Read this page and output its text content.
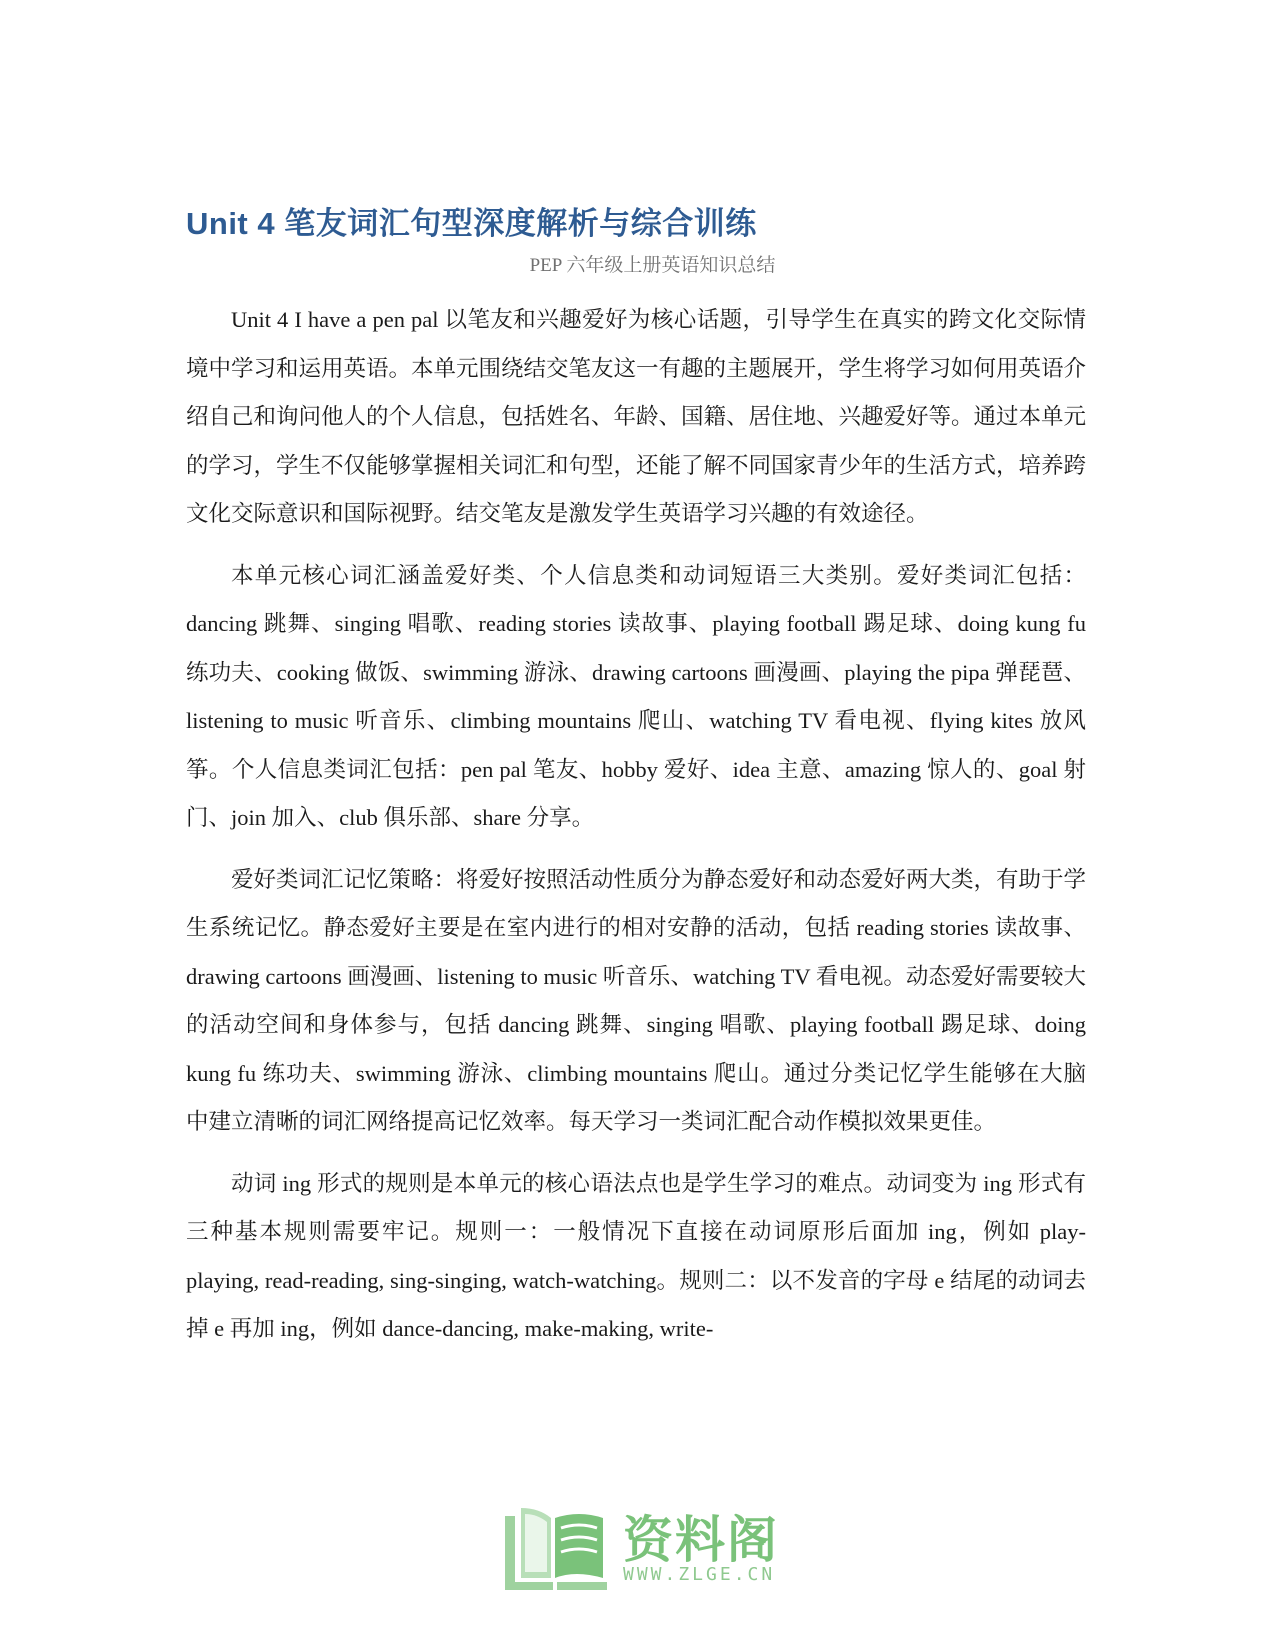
Unit 4 笔友词汇句型深度解析与综合训练
PEP 六年级上册英语知识总结

Unit 4 I have a pen pal 以笔友和兴趣爱好为核心话题，引导学生在真实的跨文化交际情境中学习和运用英语。本单元围绕结交笔友这一有趣的主题展开，学生将学习如何用英语介绍自己和询问他人的个人信息，包括姓名、年龄、国籍、居住地、兴趣爱好等。通过本单元的学习，学生不仅能够掌握相关词汇和句型，还能了解不同国家青少年的生活方式，培养跨文化交际意识和国际视野。结交笔友是激发学生英语学习兴趣的有效途径。

本单元核心词汇涵盖爱好类、个人信息类和动词短语三大类别。爱好类词汇包括：dancing 跳舞、singing 唱歌、reading stories 读故事、playing football 踢足球、doing kung fu 练功夫、cooking 做饭、swimming 游泳、drawing cartoons 画漫画、playing the pipa 弹琵琶、listening to music 听音乐、climbing mountains 爬山、watching TV 看电视、flying kites 放风筝。个人信息类词汇包括：pen pal 笔友、hobby 爱好、idea 主意、amazing 惊人的、goal 射门、join 加入、club 俱乐部、share 分享。

爱好类词汇记忆策略：将爱好按照活动性质分为静态爱好和动态爱好两大类，有助于学生系统记忆。静态爱好主要是在室内进行的相对安静的活动，包括 reading stories 读故事、drawing cartoons 画漫画、listening to music 听音乐、watching TV 看电视。动态爱好需要较大的活动空间和身体参与，包括 dancing 跳舞、singing 唱歌、playing football 踢足球、doing kung fu 练功夫、swimming 游泳、climbing mountains 爬山。通过分类记忆学生能够在大脑中建立清晰的词汇网络提高记忆效率。每天学习一类词汇配合动作模拟效果更佳。

动词 ing 形式的规则是本单元的核心语法点也是学生学习的难点。动词变为 ing 形式有三种基本规则需要牢记。规则一：一般情况下直接在动词原形后面加 ing，例如 play-playing, read-reading, sing-singing, watch-watching。规则二：以不发音的字母 e 结尾的动词去掉 e 再加 ing，例如 dance-dancing, make-making, write-

资料阁
WWW.ZLGE.CN
